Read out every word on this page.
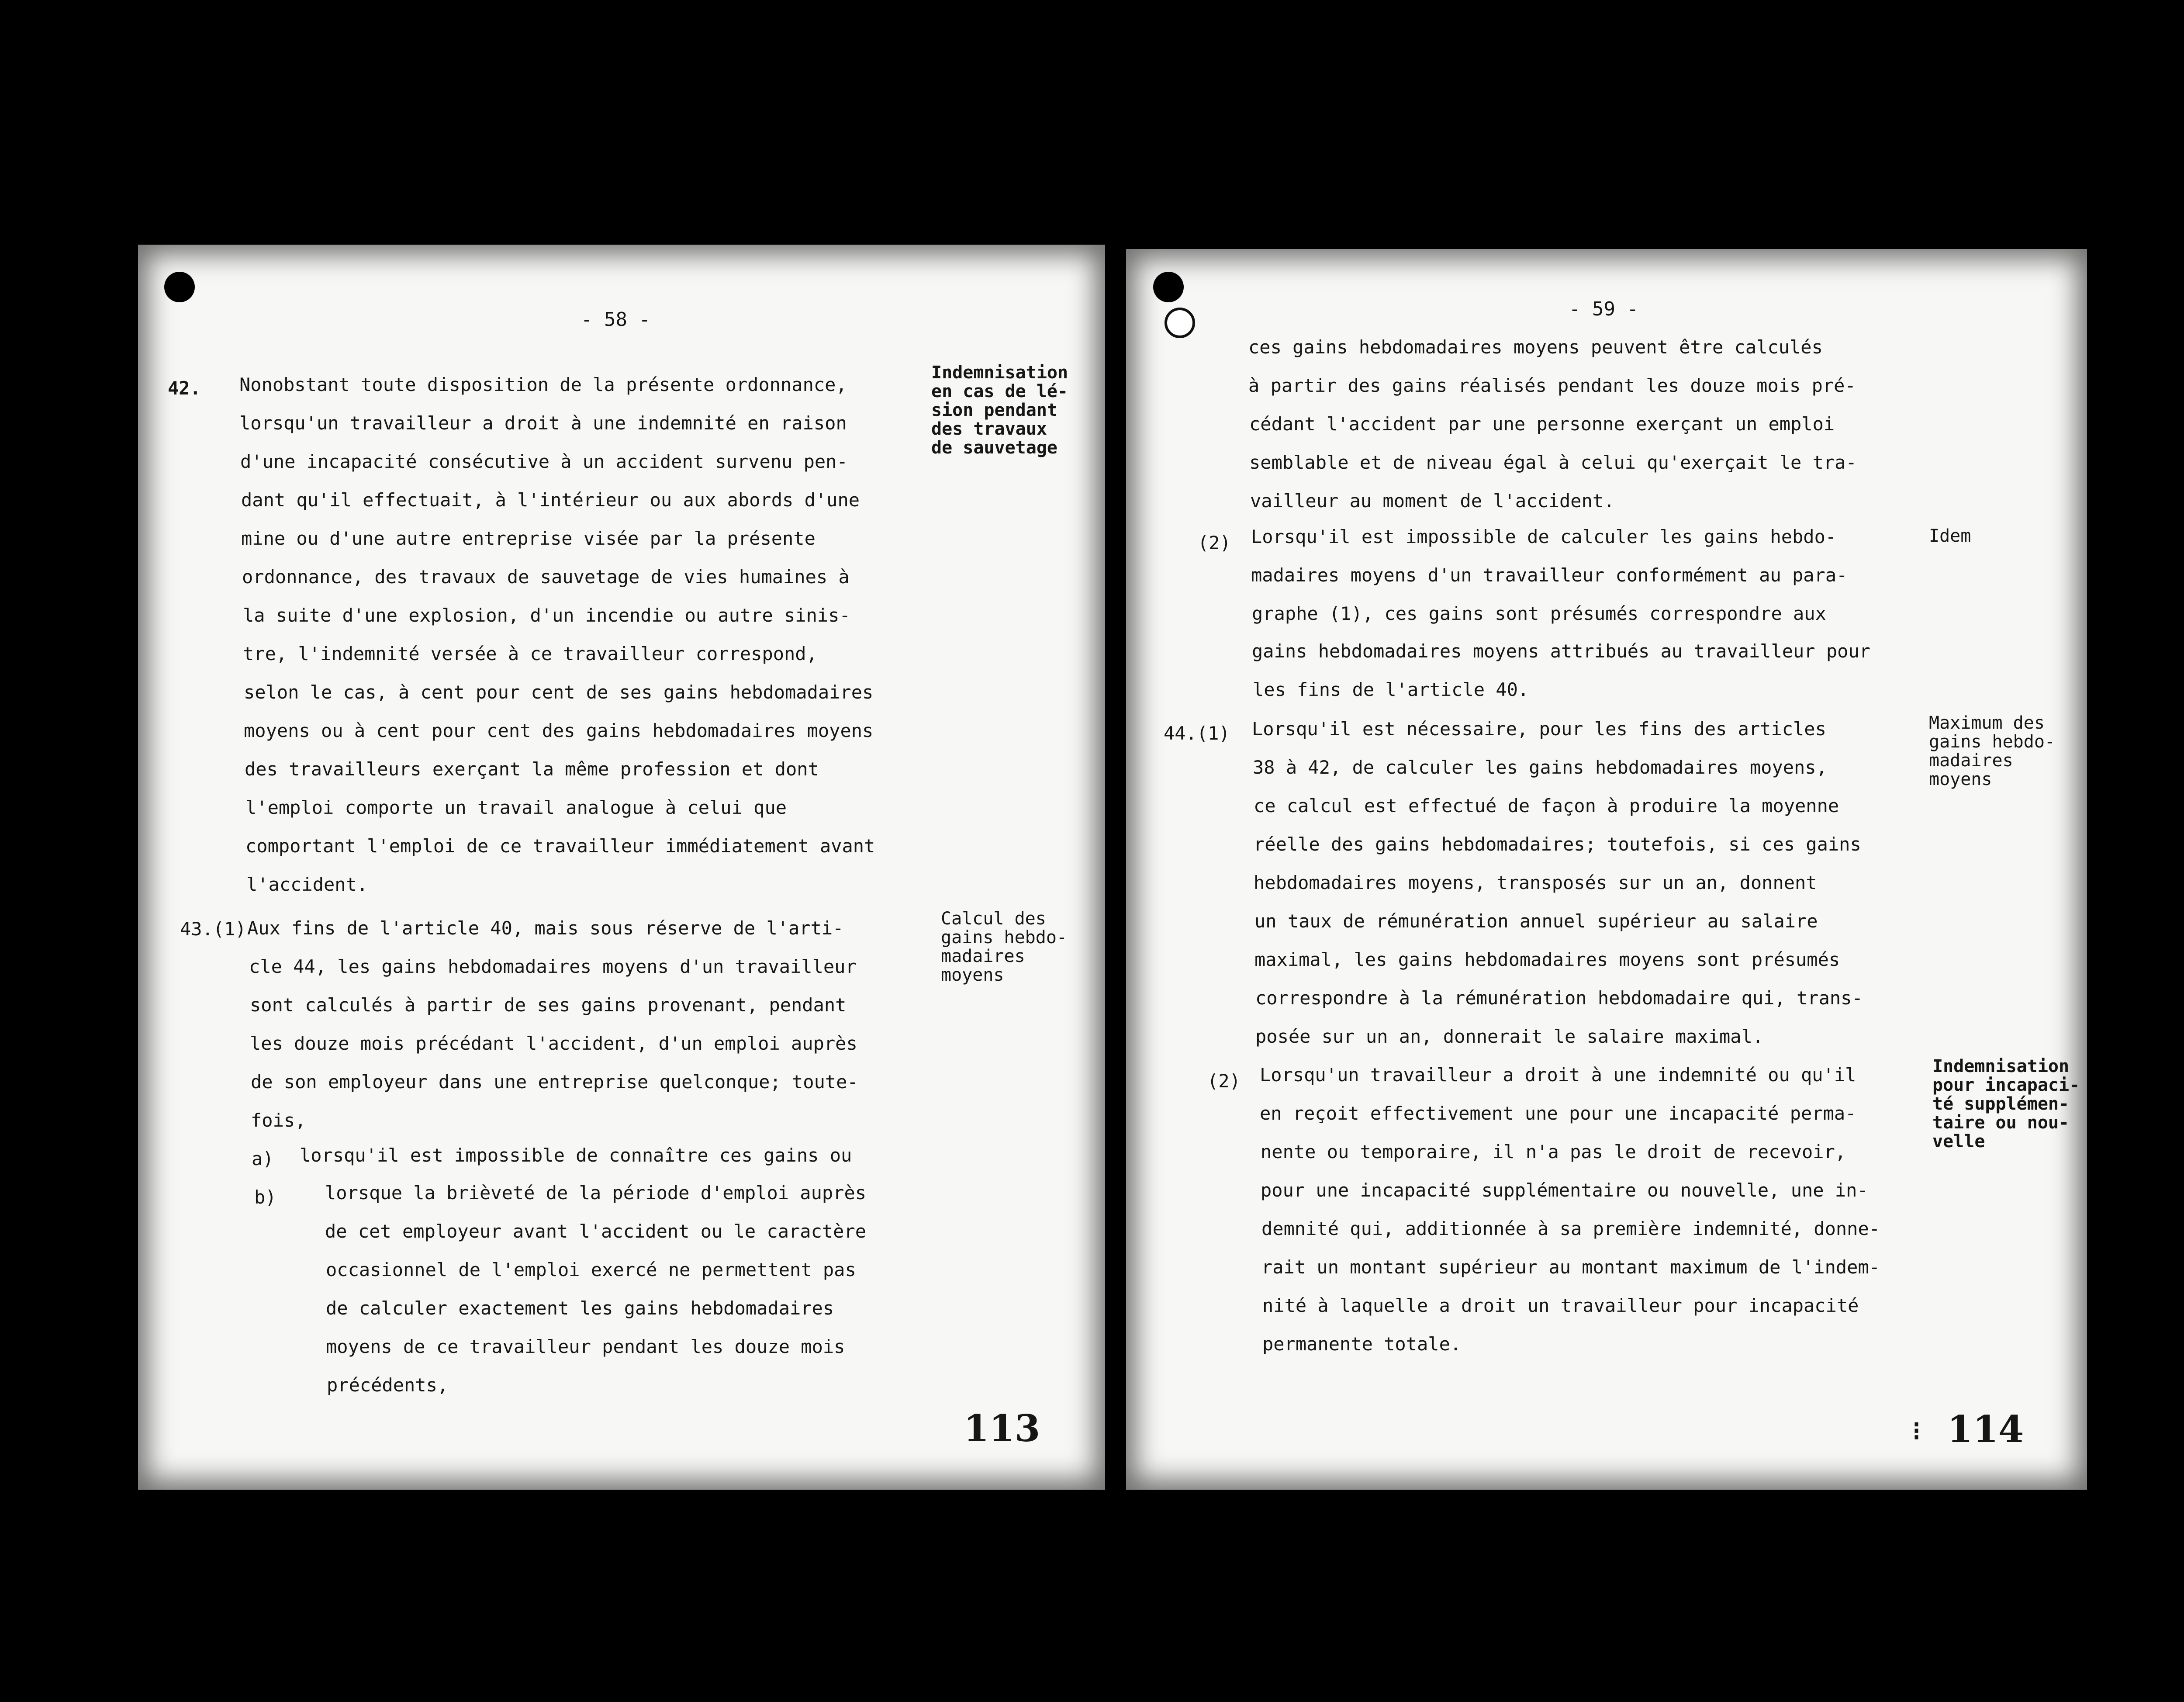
- 58 -
42. Nonobstant toute disposition de la présente ordonnance,
lorsqu'un travailleur a droit à une indemnité en raison
d'une incapacité consécutive à un accident survenu pen-
dant qu'il effectuait, à l'intérieur ou aux abords d'une
mine ou d'une autre entreprise visée par la présente
ordonnance, des travaux de sauvetage de vies humaines à
la suite d'une explosion, d'un incendie ou autre sinis-
tre, l'indemnité versée à ce travailleur correspond,
selon le cas, à cent pour cent de ses gains hebdomadaires
moyens ou à cent pour cent des gains hebdomadaires moyens
des travailleurs exerçant la même profession et dont
l'emploi comporte un travail analogue à celui que
comportant l'emploi de ce travailleur immédiatement avant
l'accident.
Indemnisation
en cas de lé-
sion pendant
des travaux
de sauvetage
43.(1) Aux fins de l'article 40, mais sous réserve de l'arti-
cle 44, les gains hebdomadaires moyens d'un travailleur
sont calculés à partir de ses gains provenant, pendant
les douze mois précédant l'accident, d'un emploi auprès
de son employeur dans une entreprise quelconque; toute-
fois,
a) lorsqu'il est impossible de connaître ces gains ou
b)	lorsque la brièveté de la période d'emploi auprès
de cet employeur avant l'accident ou le caractère
occasionnel de l'emploi exercé ne permettent pas
de calculer exactement les gains hebdomadaires
moyens de ce travailleur pendant les douze mois
précédents,
Calcul des
gains hebdo-
madaires
moyens
113
- 59 -
ces gains hebdomadaires moyens peuvent être calculés
à partir des gains réalisés pendant les douze mois pré-
cédant l'accident par une personne exerçant un emploi
semblable et de niveau égal à celui qu'exerçait le tra-
vailleur au moment de l'accident.
(2) Lorsqu'il est impossible de calculer les gains hebdo-
madaires moyens d'un travailleur conformément au para-
graphe (1), ces gains sont présumés correspondre aux
gains hebdomadaires moyens attribués au travailleur pour
les fins de l'article 40.
Idem
44.(1) Lorsqu'il est nécessaire, pour les fins des articles
38 à 42, de calculer les gains hebdomadaires moyens,
ce calcul est effectué de façon à produire la moyenne
réelle des gains hebdomadaires; toutefois, si ces gains
hebdomadaires moyens, transposés sur un an, donnent
un taux de rémunération annuel supérieur au salaire
maximal, les gains hebdomadaires moyens sont présumés
correspondre à la rémunération hebdomadaire qui, trans-
posée sur un an, donnerait le salaire maximal.
Maximum des
gains hebdo-
madaires
moyens
(2) Lorsqu'un travailleur a droit à une indemnité ou qu'il
en reçoit effectivement une pour une incapacité perma-
nente ou temporaire, il n'a pas le droit de recevoir,
pour une incapacité supplémentaire ou nouvelle, une in-
demnité qui, additionnée à sa première indemnité, donne-
rait un montant supérieur au montant maximum de l'indem-
nité à laquelle a droit un travailleur pour incapacité
permanente totale.
Indemnisation
pour incapaci-
té supplémen-
taire ou nou-
velle
⁝ 114
